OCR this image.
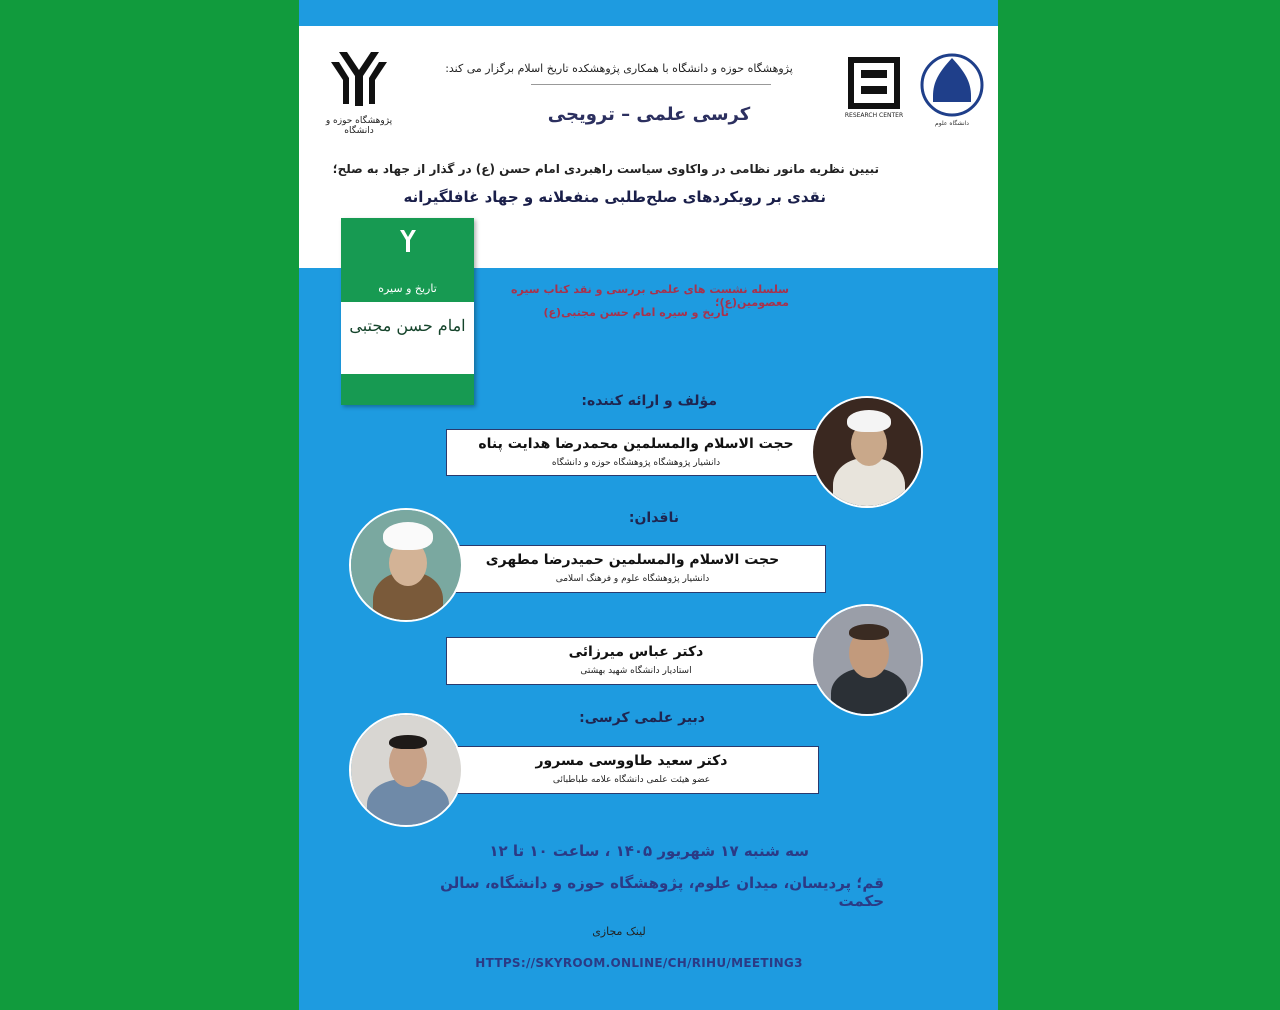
پژوهشگاه حوزه و دانشگاه
پژوهشگاه حوزه و دانشگاه با همکاری پژوهشکده تاریخ اسلام برگزار می کند:
کرسی علمی – ترویجی	RESEARCH CENTER
دانشگاه علوم
تبیین نظریه مانور نظامی در واکاوی سیاست راهبردی امام حسن (ع) در گذار از جهاد به صلح؛
نقدی بر رویکردهای صلح‌طلبی منفعلانه و جهاد غافلگیرانه
تاریخ و سیره
امام حسن مجتبی
سلسله نشست های علمی بررسی و نقد کتاب سیره معصومین(ع)؛
تاریخ و سیره امام حسن مجتبی(ع)
مؤلف و ارائه کننده:
حجت الاسلام والمسلمین محمدرضا هدایت پناه
دانشیار پژوهشگاه پژوهشگاه حوزه و دانشگاه
ناقدان:
حجت الاسلام والمسلمین حمیدرضا مطهری
دانشیار پژوهشگاه علوم و فرهنگ اسلامی
دکتر عباس میرزائی
استادیار دانشگاه شهید بهشتی
دبیر علمی کرسی:
دکتر سعید طاووسی مسرور
عضو هیئت علمی دانشگاه علامه طباطبائی
سه شنبه ۱۷ شهریور ۱۴۰۵ ، ساعت ۱۰ تا ۱۲
قم؛ پردیسان، میدان علوم، پژوهشگاه حوزه و دانشگاه، سالن حکمت
لینک مجازی
HTTPS://SKYROOM.ONLINE/CH/RIHU/MEETING3
